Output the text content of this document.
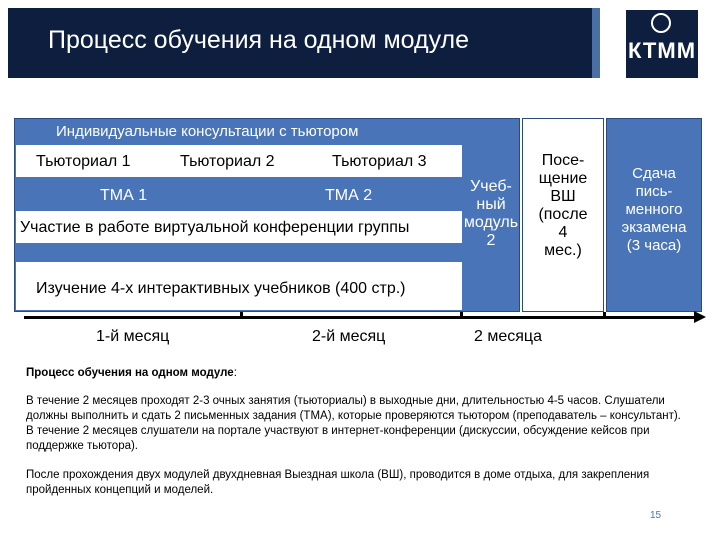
Процесс обучения на одном модуле	КТММ
Индивидуальные консультации с тьютором
Тьюториал 1	Тьюториал 2	Тьюториал 3
ТМА 1	ТМА 2
Участие в работе виртуальной конференции группы
Изучение 4-х интерактивных учебников (400 стр.)
Учеб-
ный
модуль
2
Посе-
щение
ВШ
(после
4
мес.)
Сдача
пись-
менного
экзамена
(3 часа)
1-й месяц	2-й месяц	2 месяца
Процесс обучения на одном модуле:
В течение 2 месяцев проходят 2-3 очных занятия (тьюториалы) в выходные дни, длительностью 4-5 часов. Слушатели должны выполнить и сдать 2 письменных задания (ТМА), которые проверяются тьютором (преподаватель – консультант). В течение 2 месяцев слушатели на портале участвуют в интернет-конференции (дискуссии, обсуждение кейсов при поддержке тьютора).
После прохождения двух модулей двухдневная Выездная школа (ВШ), проводится в доме отдыха, для закрепления пройденных концепций и моделей.
15
